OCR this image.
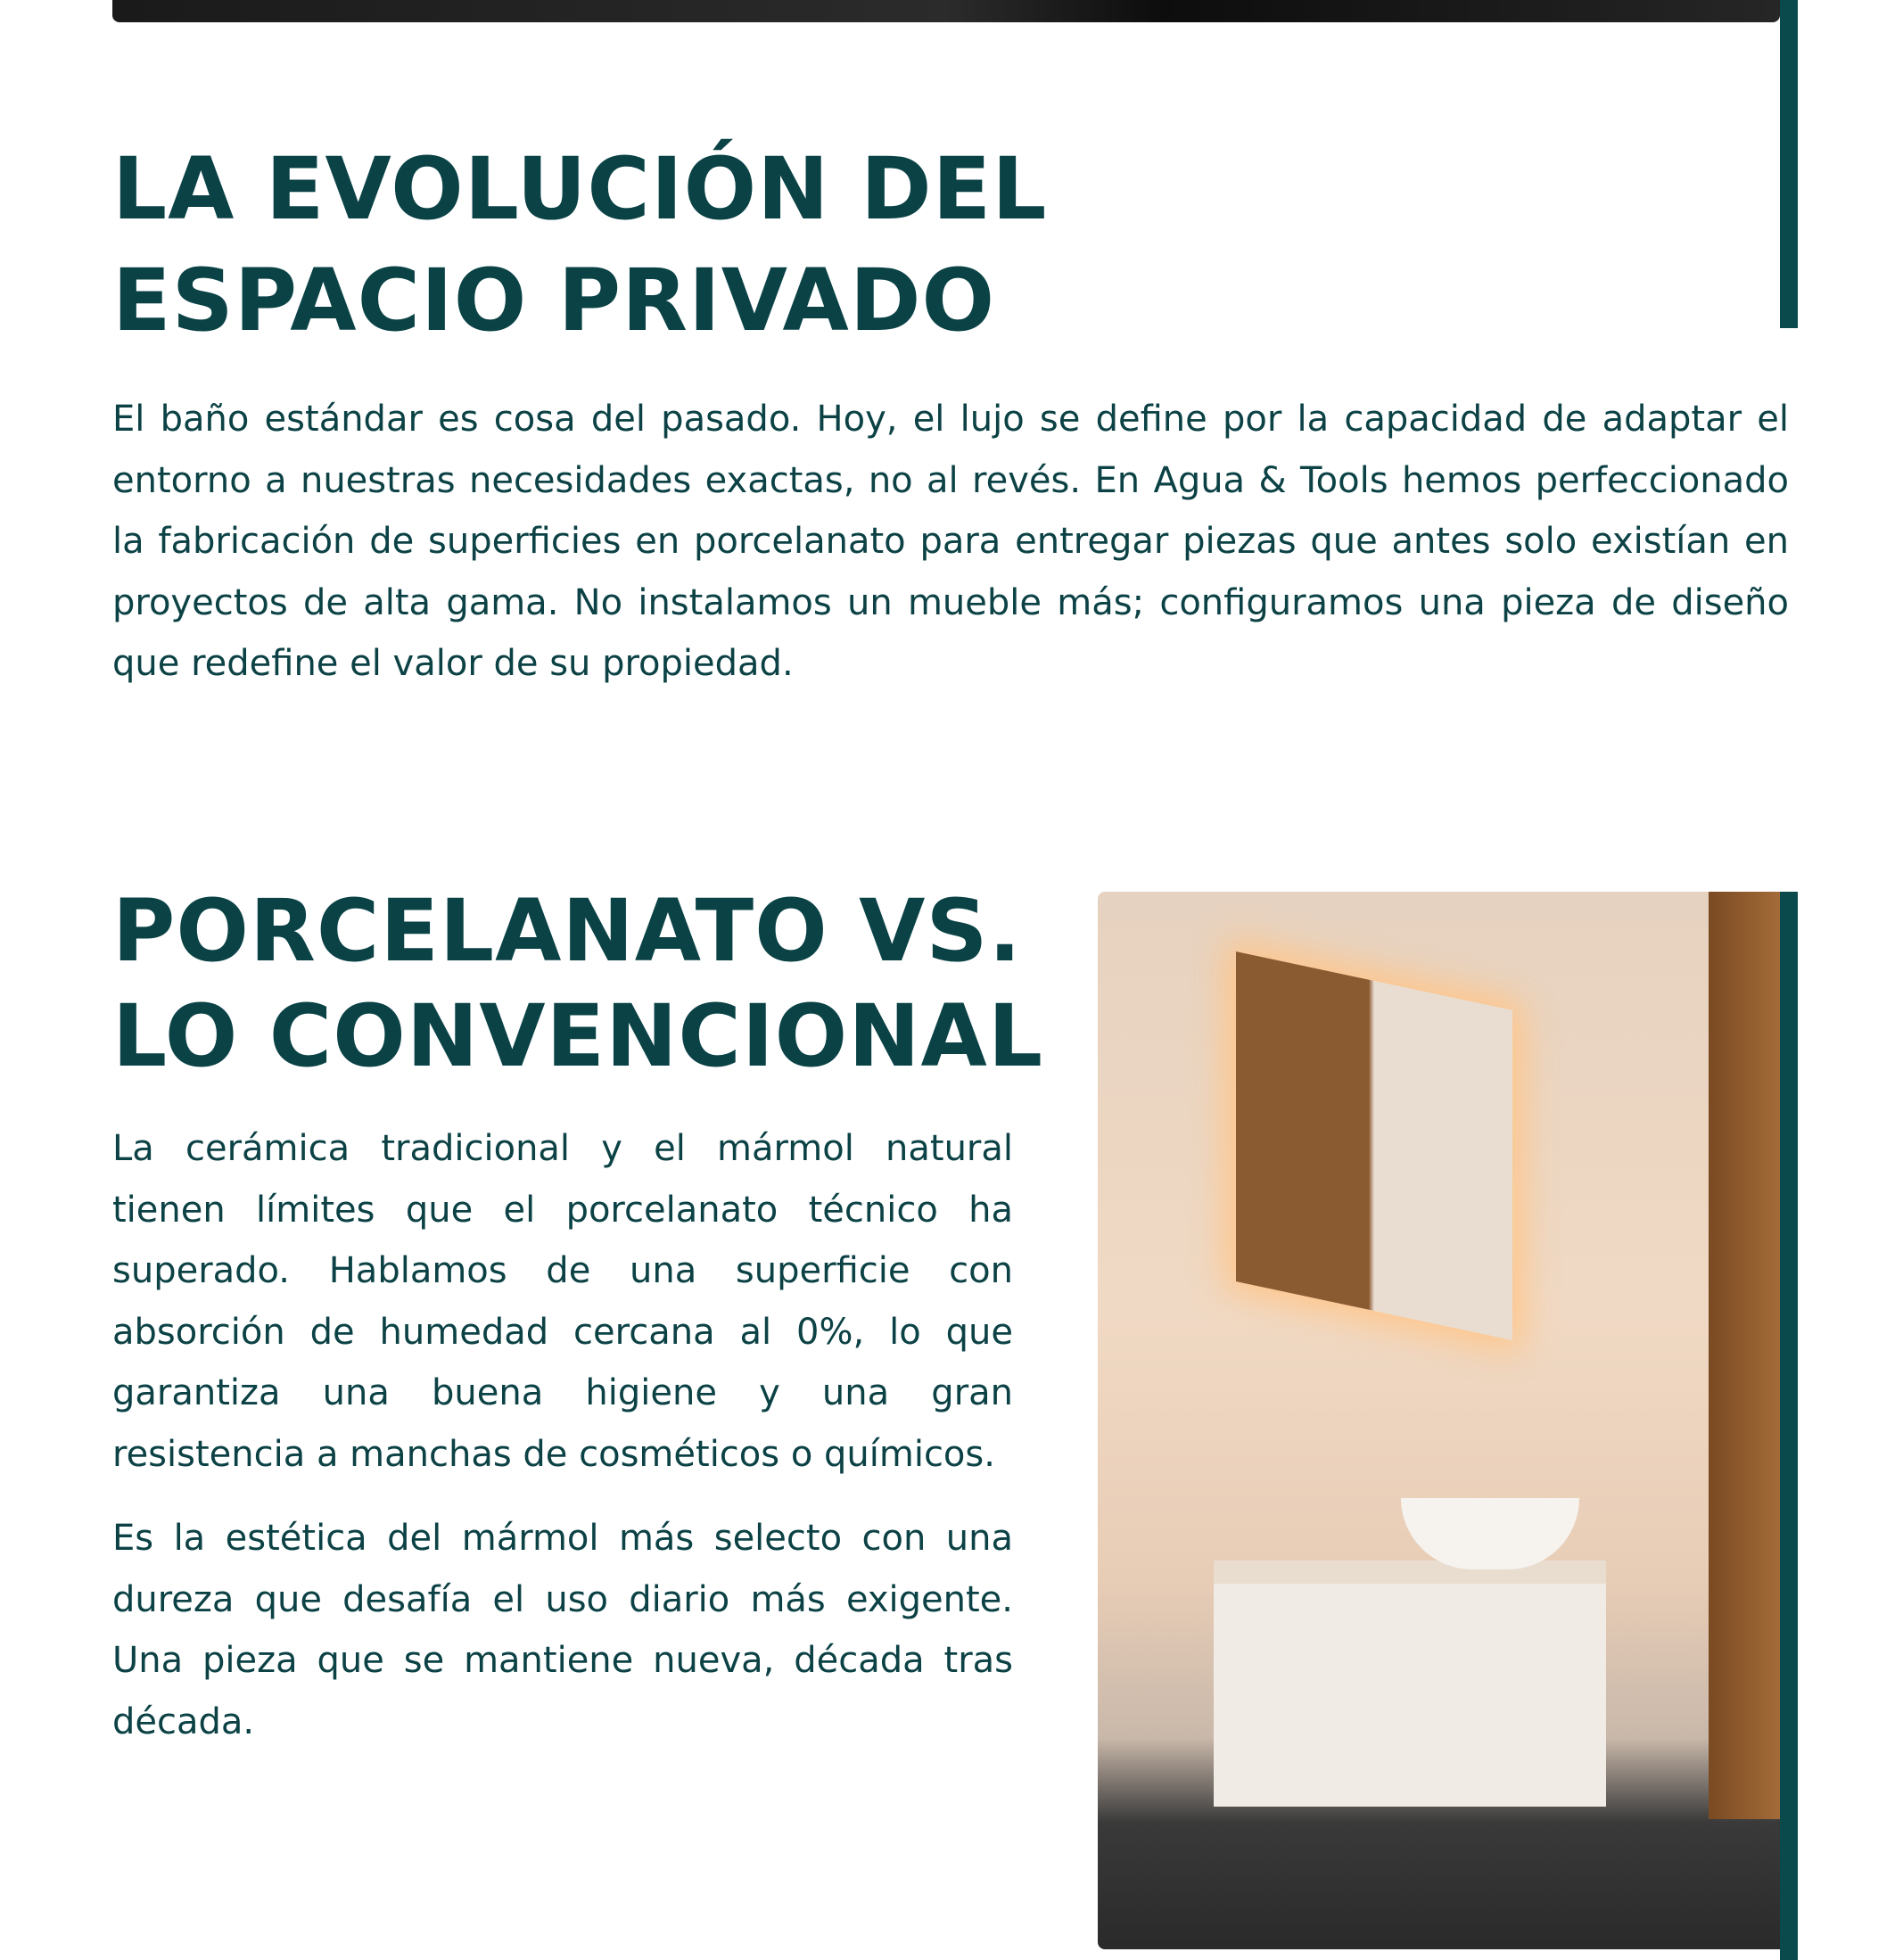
LA EVOLUCIÓN DEL
ESPACIO PRIVADO

El baño estándar es cosa del pasado. Hoy, el lujo se define por la capacidad de adaptar el entorno a nuestras necesidades exactas, no al revés. En Agua & Tools hemos perfeccionado la fabricación de superficies en porcelanato para entregar piezas que antes solo existían en proyectos de alta gama. No instalamos un mueble más; configuramos una pieza de diseño que redefine el valor de su propiedad.

PORCELANATO VS.
LO CONVENCIONAL

La cerámica tradicional y el mármol natural tienen límites que el porcelanato técnico ha superado. Hablamos de una superficie con absorción de humedad cercana al 0%, lo que garantiza una buena higiene y una gran resistencia a manchas de cosméticos o químicos.

Es la estética del mármol más selecto con una dureza que desafía el uso diario más exigente. Una pieza que se mantiene nueva, década tras década.
